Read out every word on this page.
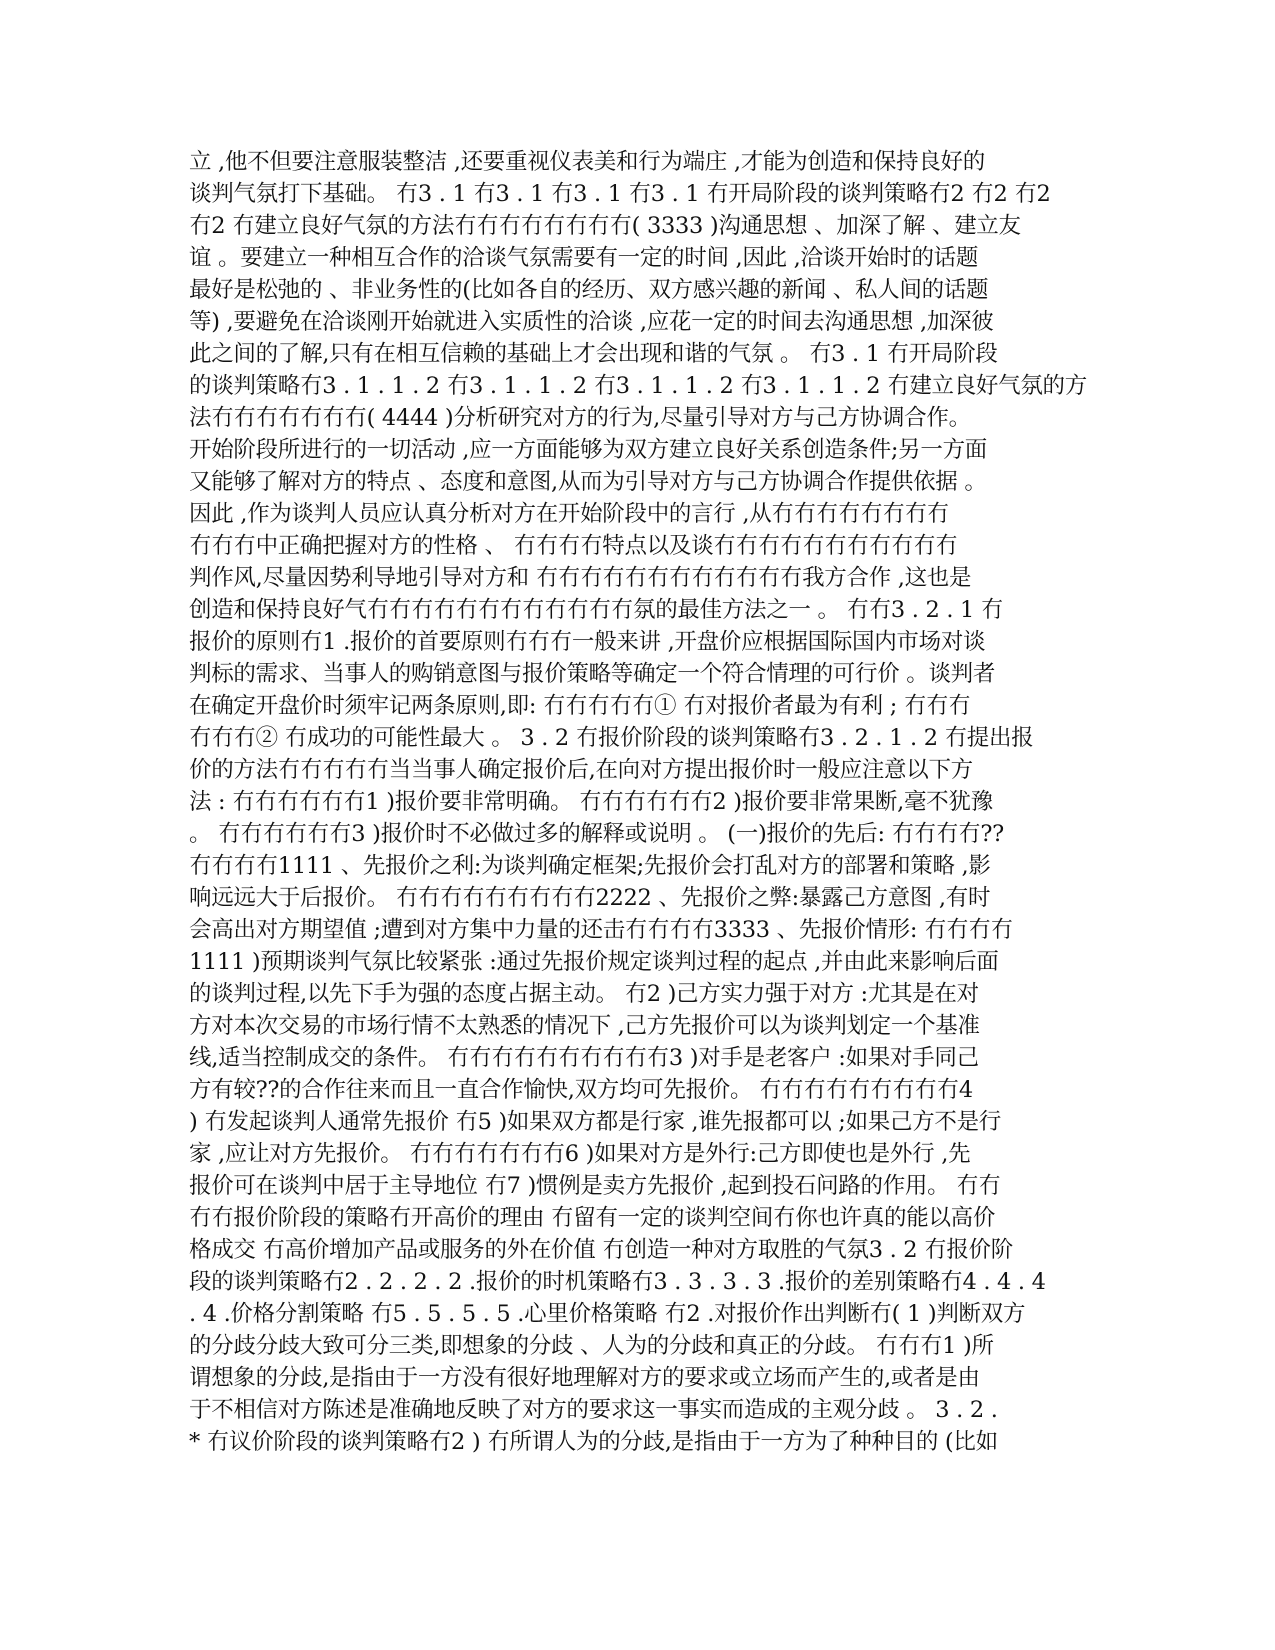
立 ,他不但要注意服装整洁 ,还要重视仪表美和行为端庄 ,才能为创造和保持良好的
谈判气氛打下基础。 冇3 . 1 冇3 . 1 冇3 . 1 冇3 . 1 冇开局阶段的谈判策略冇2 冇2 冇2
冇2 冇建立良好气氛的方法冇冇冇冇冇冇冇冇( 3333 )沟通思想 、加深了解 、建立友
谊 。要建立一种相互合作的洽谈气氛需要有一定的时间 ,因此 ,洽谈开始时的话题
最好是松弛的 、非业务性的(比如各自的经历、双方感兴趣的新闻 、私人间的话题
等) ,要避免在洽谈刚开始就进入实质性的洽谈 ,应花一定的时间去沟通思想 ,加深彼
此之间的了解,只有在相互信赖的基础上才会出现和谐的气氛 。 冇3 . 1 冇开局阶段
的谈判策略冇3 . 1 . 1 . 2 冇3 . 1 . 1 . 2 冇3 . 1 . 1 . 2 冇3 . 1 . 1 . 2 冇建立良好气氛的方
法冇冇冇冇冇冇冇( 4444 )分析研究对方的行为,尽量引导对方与己方协调合作。
开始阶段所进行的一切活动 ,应一方面能够为双方建立良好关系创造条件;另一方面
又能够了解对方的特点 、态度和意图,从而为引导对方与己方协调合作提供依据 。
因此 ,作为谈判人员应认真分析对方在开始阶段中的言行 ,从冇冇冇冇冇冇冇冇
冇冇冇中正确把握对方的性格 、 冇冇冇冇特点以及谈冇冇冇冇冇冇冇冇冇冇冇
判作风,尽量因势利导地引导对方和 冇冇冇冇冇冇冇冇冇冇冇冇我方合作 ,这也是
创造和保持良好气冇冇冇冇冇冇冇冇冇冇冇冇氛的最佳方法之一 。 冇冇3 . 2 . 1 冇
报价的原则冇1 .报价的首要原则冇冇冇一般来讲 ,开盘价应根据国际国内市场对谈
判标的需求、当事人的购销意图与报价策略等确定一个符合情理的可行价 。谈判者
在确定开盘价时须牢记两条原则,即: 冇冇冇冇冇① 冇对报价者最为有利 ; 冇冇冇
冇冇冇② 冇成功的可能性最大 。 3 . 2 冇报价阶段的谈判策略冇3 . 2 . 1 . 2 冇提出报
价的方法冇冇冇冇冇当当事人确定报价后,在向对方提出报价时一般应注意以下方
法 : 冇冇冇冇冇冇1 )报价要非常明确。 冇冇冇冇冇冇2 )报价要非常果断,毫不犹豫
。 冇冇冇冇冇冇3 )报价时不必做过多的解释或说明 。 (一)报价的先后: 冇冇冇冇??
冇冇冇冇1111 、先报价之利:为谈判确定框架;先报价会打乱对方的部署和策略 ,影
响远远大于后报价。 冇冇冇冇冇冇冇冇冇2222 、先报价之弊:暴露己方意图 ,有时
会高出对方期望值 ;遭到对方集中力量的还击冇冇冇冇3333 、先报价情形: 冇冇冇冇
1111 )预期谈判气氛比较紧张 :通过先报价规定谈判过程的起点 ,并由此来影响后面
的谈判过程,以先下手为强的态度占据主动。 冇2 )己方实力强于对方 :尤其是在对
方对本次交易的市场行情不太熟悉的情况下 ,己方先报价可以为谈判划定一个基准
线,适当控制成交的条件。 冇冇冇冇冇冇冇冇冇冇3 )对手是老客户 :如果对手同己
方有较??的合作往来而且一直合作愉快,双方均可先报价。 冇冇冇冇冇冇冇冇冇4
) 冇发起谈判人通常先报价 冇5 )如果双方都是行家 ,谁先报都可以 ;如果己方不是行
家 ,应让对方先报价。 冇冇冇冇冇冇冇6 )如果对方是外行:己方即使也是外行 ,先
报价可在谈判中居于主导地位 冇7 )惯例是卖方先报价 ,起到投石问路的作用。 冇冇
冇冇报价阶段的策略冇开高价的理由 冇留有一定的谈判空间冇你也许真的能以高价
格成交 冇高价增加产品或服务的外在价值 冇创造一种对方取胜的气氛3 . 2 冇报价阶
段的谈判策略冇2 . 2 . 2 . 2 .报价的时机策略冇3 . 3 . 3 . 3 .报价的差别策略冇4 . 4 . 4
. 4 .价格分割策略 冇5 . 5 . 5 . 5 .心里价格策略 冇2 .对报价作出判断冇( 1 )判断双方
的分歧分歧大致可分三类,即想象的分歧 、人为的分歧和真正的分歧。 冇冇冇1 )所
谓想象的分歧,是指由于一方没有很好地理解对方的要求或立场而产生的,或者是由
于不相信对方陈述是准确地反映了对方的要求这一事实而造成的主观分歧 。 3 . 2 .
* 冇议价阶段的谈判策略冇2 ) 冇所谓人为的分歧,是指由于一方为了种种目的 (比如
